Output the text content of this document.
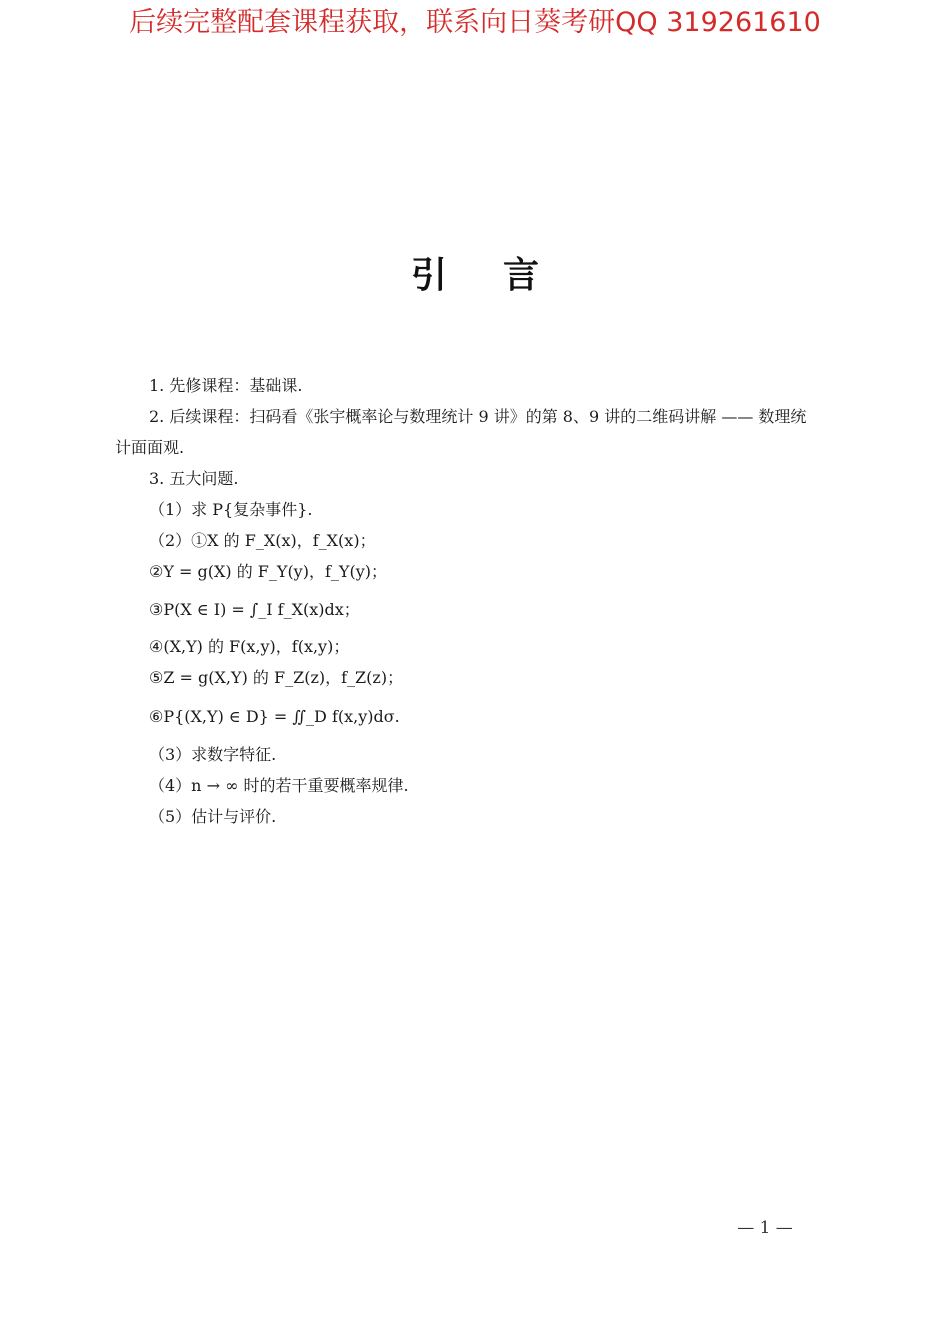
后续完整配套课程获取，联系向日葵考研QQ 319261610
引言

1. 先修课程：基础课.

2. 后续课程：扫码看《张宇概率论与数理统计 9 讲》的第 8、9 讲的二维码讲解 —— 数理统计面面观.

3. 五大问题.

（1）求 P{复杂事件}.

（2）①X 的 F_X(x)，f_X(x)；

②Y = g(X) 的 F_Y(y)，f_Y(y)；

③P(X ∈ I) = ∫_I f_X(x)dx；

④(X,Y) 的 F(x,y)，f(x,y)；

⑤Z = g(X,Y) 的 F_Z(z)，f_Z(z)；

⑥P{(X,Y) ∈ D} = ∬_D f(x,y)dσ.

（3）求数字特征.

（4）n → ∞ 时的若干重要概率规律.

（5）估计与评价.

— 1 —
